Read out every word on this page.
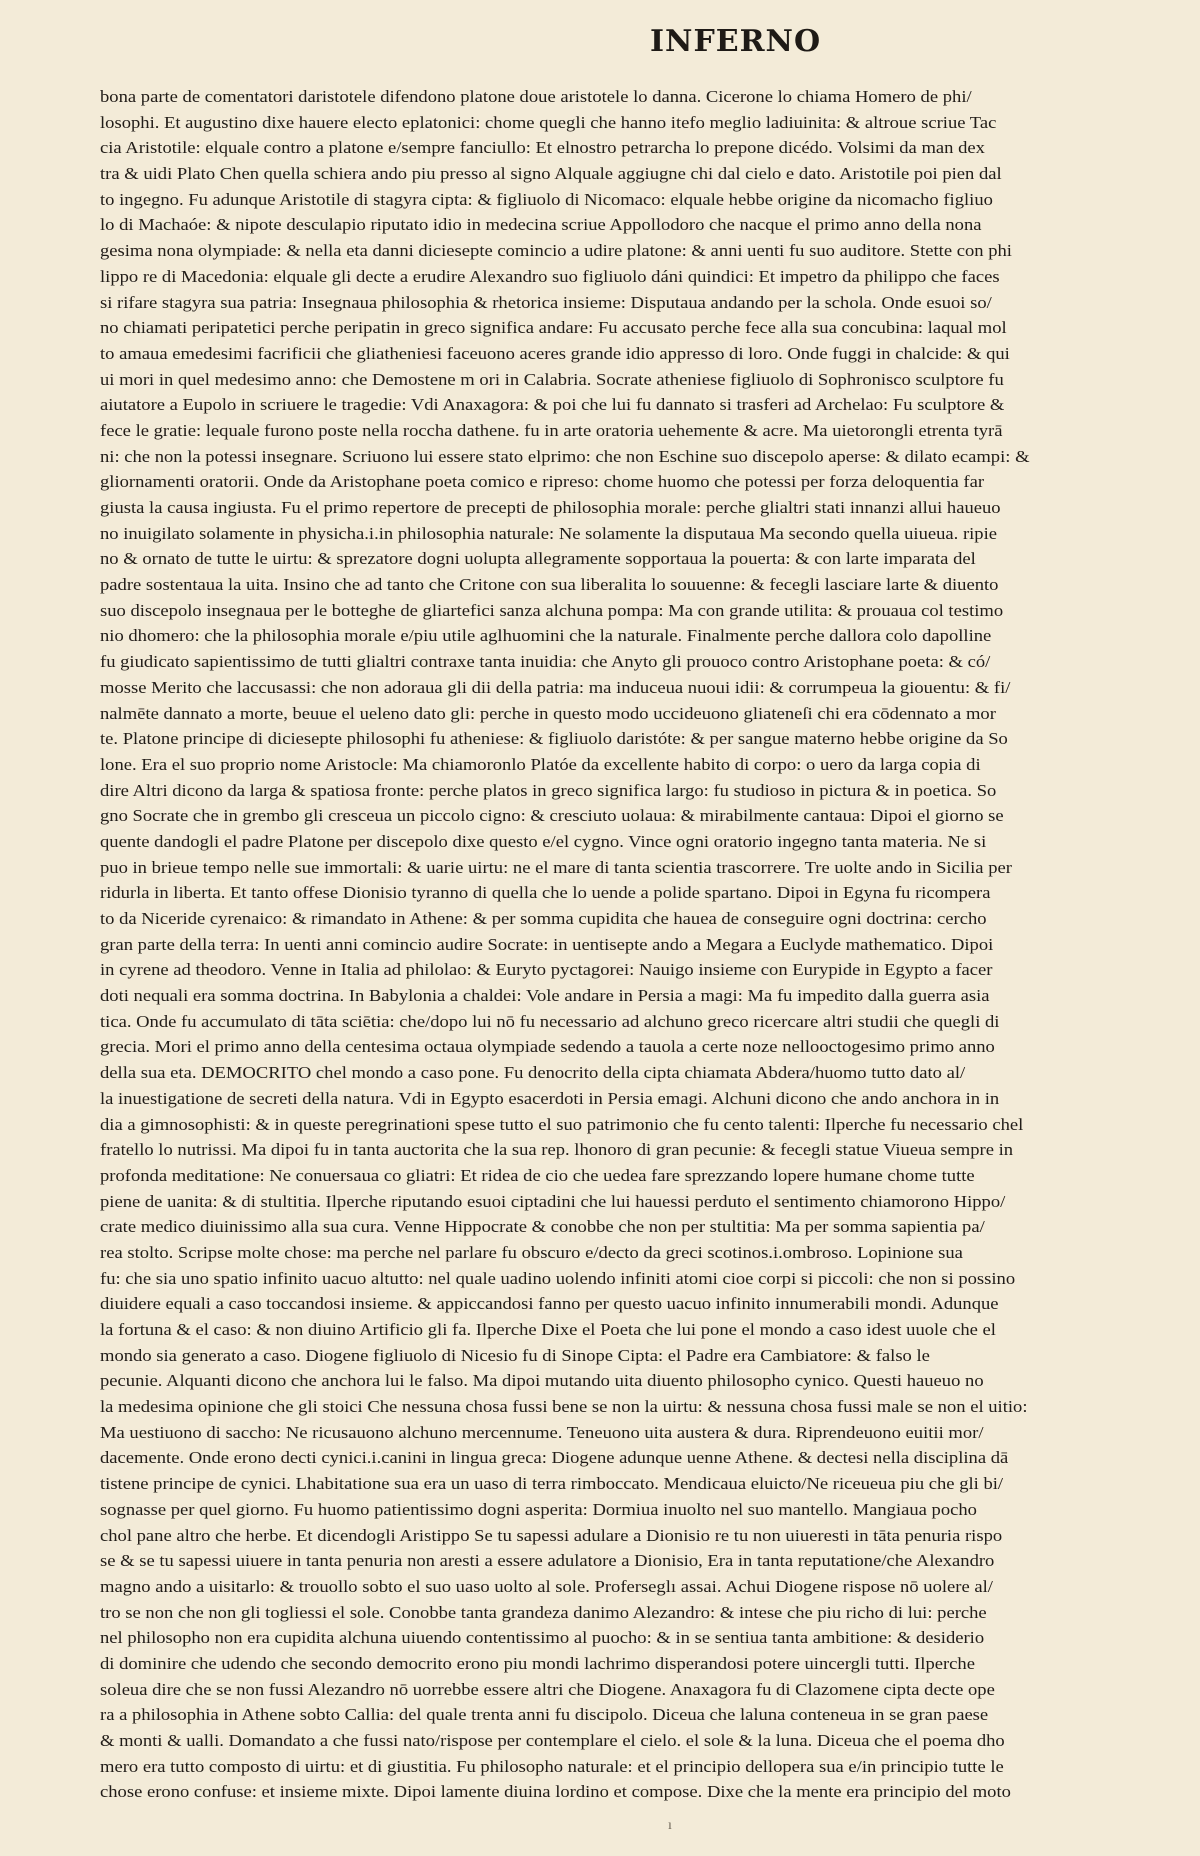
INFERNO
bona parte de comentatori daristotele difendono platone doue aristotele lo danna. Cicerone lo chiama Homero de phi/
losophi. Et augustino dixe hauere electo eplatonici: chome quegli che hanno itefo meglio ladiuinita: & altroue scriue Tac
cia Aristotile: elquale contro a platone e/sempre fanciullo: Et elnostro petrarcha lo prepone dicédo. Volsimi da man dex
tra & uidi Plato Chen quella schiera ando piu presso al signo Alquale aggiugne chi dal cielo e dato. Aristotile poi pien dal
to ingegno. Fu adunque Aristotile di stagyra cipta: & figliuolo di Nicomaco: elquale hebbe origine da nicomacho figliuo
lo di Machaóe: & nipote desculapio riputato idio in medecina scriue Appollodoro che nacque el primo anno della nona
gesima nona olympiade: & nella eta danni diciesepte comincio a udire platone: & anni uenti fu suo auditore. Stette con phi
lippo re di Macedonia: elquale gli decte a erudire Alexandro suo figliuolo dáni quindici: Et impetro da philippo che faces
si rifare stagyra sua patria: Insegnaua philosophia & rhetorica insieme: Disputaua andando per la schola. Onde esuoi so/
no chiamati peripatetici perche peripatin in greco significa andare: Fu accusato perche fece alla sua concubina: laqual mol
to amaua emedesimi facrificii che gliatheniesi faceuono aceres grande idio appresso di loro. Onde fuggi in chalcide: & qui
ui mori in quel medesimo anno: che Demostene m ori in Calabria. Socrate atheniese figliuolo di Sophronisco sculptore fu
aiutatore a Eupolo in scriuere le tragedie: Vdi Anaxagora: & poi che lui fu dannato si trasferi ad Archelao: Fu sculptore &
fece le gratie: lequale furono poste nella roccha dathene. fu in arte oratoria uehemente & acre. Ma uietorongli etrenta tyrā
ni: che non la potessi insegnare. Scriuono lui essere stato elprimo: che non Eschine suo discepolo aperse: & dilato ecampi: &
gliornamenti oratorii. Onde da Aristophane poeta comico e ripreso: chome huomo che potessi per forza deloquentia far
giusta la causa ingiusta. Fu el primo repertore de precepti de philosophia morale: perche glialtri stati innanzi allui haueuo
no inuigilato solamente in physicha.i.in philosophia naturale: Ne solamente la disputaua Ma secondo quella uiueua. ripie
no & ornato de tutte le uirtu: & sprezatore dogni uolupta allegramente sopportaua la pouerta: & con larte imparata del
padre sostentaua la uita. Insino che ad tanto che Critone con sua liberalita lo souuenne: & fecegli lasciare larte & diuento
suo discepolo insegnaua per le botteghe de gliartefici sanza alchuna pompa: Ma con grande utilita: & prouaua col testimo
nio dhomero: che la philosophia morale e/piu utile aglhuomini che la naturale. Finalmente perche dallora colo dapolline
fu giudicato sapientissimo de tutti glialtri contraxe tanta inuidia: che Anyto gli prouoco contro Aristophane poeta: & có/
mosse Merito che laccusassi: che non adoraua gli dii della patria: ma induceua nuoui idii: & corrumpeua la giouentu: & fi/
nalmēte dannato a morte, beuue el ueleno dato gli: perche in questo modo uccideuono gliateneſi chi era cōdennato a mor
te. Platone principe di diciesepte philosophi fu atheniese: & figliuolo daristóte: & per sangue materno hebbe origine da So
lone. Era el suo proprio nome Aristocle: Ma chiamoronlo Platóe da excellente habito di corpo: o uero da larga copia di
dire Altri dicono da larga & spatiosa fronte: perche platos in greco significa largo: fu studioso in pictura & in poetica. So
gno Socrate che in grembo gli cresceua un piccolo cigno: & cresciuto uolaua: & mirabilmente cantaua: Dipoi el giorno se
quente dandogli el padre Platone per discepolo dixe questo e/el cygno. Vince ogni oratorio ingegno tanta materia. Ne si
puo in brieue tempo nelle sue immortali: & uarie uirtu: ne el mare di tanta scientia trascorrere. Tre uolte ando in Sicilia per
ridurla in liberta. Et tanto offese Dionisio tyranno di quella che lo uende a polide spartano. Dipoi in Egyna fu ricompera
to da Niceride cyrenaico: & rimandato in Athene: & per somma cupidita che hauea de conseguire ogni doctrina: cercho
gran parte della terra: In uenti anni comincio audire Socrate: in uentisepte ando a Megara a Euclyde mathematico. Dipoi
in cyrene ad theodoro. Venne in Italia ad philolao: & Euryto pyctagorei: Nauigo insieme con Eurypide in Egypto a facer
doti nequali era somma doctrina. In Babylonia a chaldei: Vole andare in Persia a magi: Ma fu impedito dalla guerra asia
tica. Onde fu accumulato di tāta sciētia: che/dopo lui nō fu necessario ad alchuno greco ricercare altri studii che quegli di
grecia. Mori el primo anno della centesima octaua olympiade sedendo a tauola a certe noze nellooctogesimo primo anno
della sua eta. DEMOCRITO chel mondo a caso pone. Fu denocrito della cipta chiamata Abdera/huomo tutto dato al/
la inuestigatione de secreti della natura. Vdi in Egypto esacerdoti in Persia emagi. Alchuni dicono che ando anchora in in
dia a gimnosophisti: & in queste peregrinationi spese tutto el suo patrimonio che fu cento talenti: Ilperche fu necessario chel
fratello lo nutrissi. Ma dipoi fu in tanta auctorita che la sua rep. lhonoro di gran pecunie: & fecegli statue Viueua sempre in
profonda meditatione: Ne conuersaua co gliatri: Et ridea de cio che uedea fare sprezzando lopere humane chome tutte
piene de uanita: & di stultitia. Ilperche riputando esuoi ciptadini che lui hauessi perduto el sentimento chiamorono Hippo/
crate medico diuinissimo alla sua cura. Venne Hippocrate & conobbe che non per stultitia: Ma per somma sapientia pa/
rea stolto. Scripse molte chose: ma perche nel parlare fu obscuro e/decto da greci scotinos.i.ombroso. Lopinione sua
fu: che sia uno spatio infinito uacuo altutto: nel quale uadino uolendo infiniti atomi cioe corpi si piccoli: che non si possino
diuidere equali a caso toccandosi insieme. & appiccandosi fanno per questo uacuo infinito innumerabili mondi. Adunque
la fortuna & el caso: & non diuino Artificio gli fa. Ilperche Dixe el Poeta che lui pone el mondo a caso idest uuole che el
mondo sia generato a caso. Diogene figliuolo di Nicesio fu di Sinope Cipta: el Padre era Cambiatore: & falso le
pecunie. Alquanti dicono che anchora lui le falso. Ma dipoi mutando uita diuento philosopho cynico. Questi haueuo no
la medesima opinione che gli stoici Che nessuna chosa fussi bene se non la uirtu: & nessuna chosa fussi male se non el uitio:
Ma uestiuono di saccho: Ne ricusauono alchuno mercennume. Teneuono uita austera & dura. Riprendeuono euitii mor/
dacemente. Onde erono decti cynici.i.canini in lingua greca: Diogene adunque uenne Athene. & dectesi nella disciplina dā
tistene principe de cynici. Lhabitatione sua era un uaso di terra rimboccato. Mendicaua eluicto/Ne riceueua piu che gli bi/
sognasse per quel giorno. Fu huomo patientissimo dogni asperita: Dormiua inuolto nel suo mantello. Mangiaua pocho
chol pane altro che herbe. Et dicendogli Aristippo Se tu sapessi adulare a Dionisio re tu non uiueresti in tāta penuria rispo
se & se tu sapessi uiuere in tanta penuria non aresti a essere adulatore a Dionisio, Era in tanta reputatione/che Alexandro
magno ando a uisitarlo: & trouollo sobto el suo uaso uolto al sole. Proferseglı assai. Achui Diogene rispose nō uolere al/
tro se non che non gli togliessi el sole. Conobbe tanta grandeza danimo Alezandro: & intese che piu richo di lui: perche
nel philosopho non era cupidita alchuna uiuendo contentissimo al puocho: & in se sentiua tanta ambitione: & desiderio
di dominire che udendo che secondo democrito erono piu mondi lachrimo disperandosi potere uincergli tutti. Ilperche
soleua dire che se non fussi Alezandro nō uorrebbe essere altri che Diogene. Anaxagora fu di Clazomene cipta decte ope
ra a philosophia in Athene sobto Callia: del quale trenta anni fu discipolo. Diceua che laluna conteneua in se gran paese
& monti & ualli. Domandato a che fussi nato/rispose per contemplare el cielo. el sole & la luna. Diceua che el poema dho
mero era tutto composto di uirtu: et di giustitia. Fu philosopho naturale: et el principio dellopera sua e/in principio tutte le
chose erono confuse: et insieme mixte. Dipoi lamente diuina lordino et compose. Dixe che la mente era principio del moto
ı
